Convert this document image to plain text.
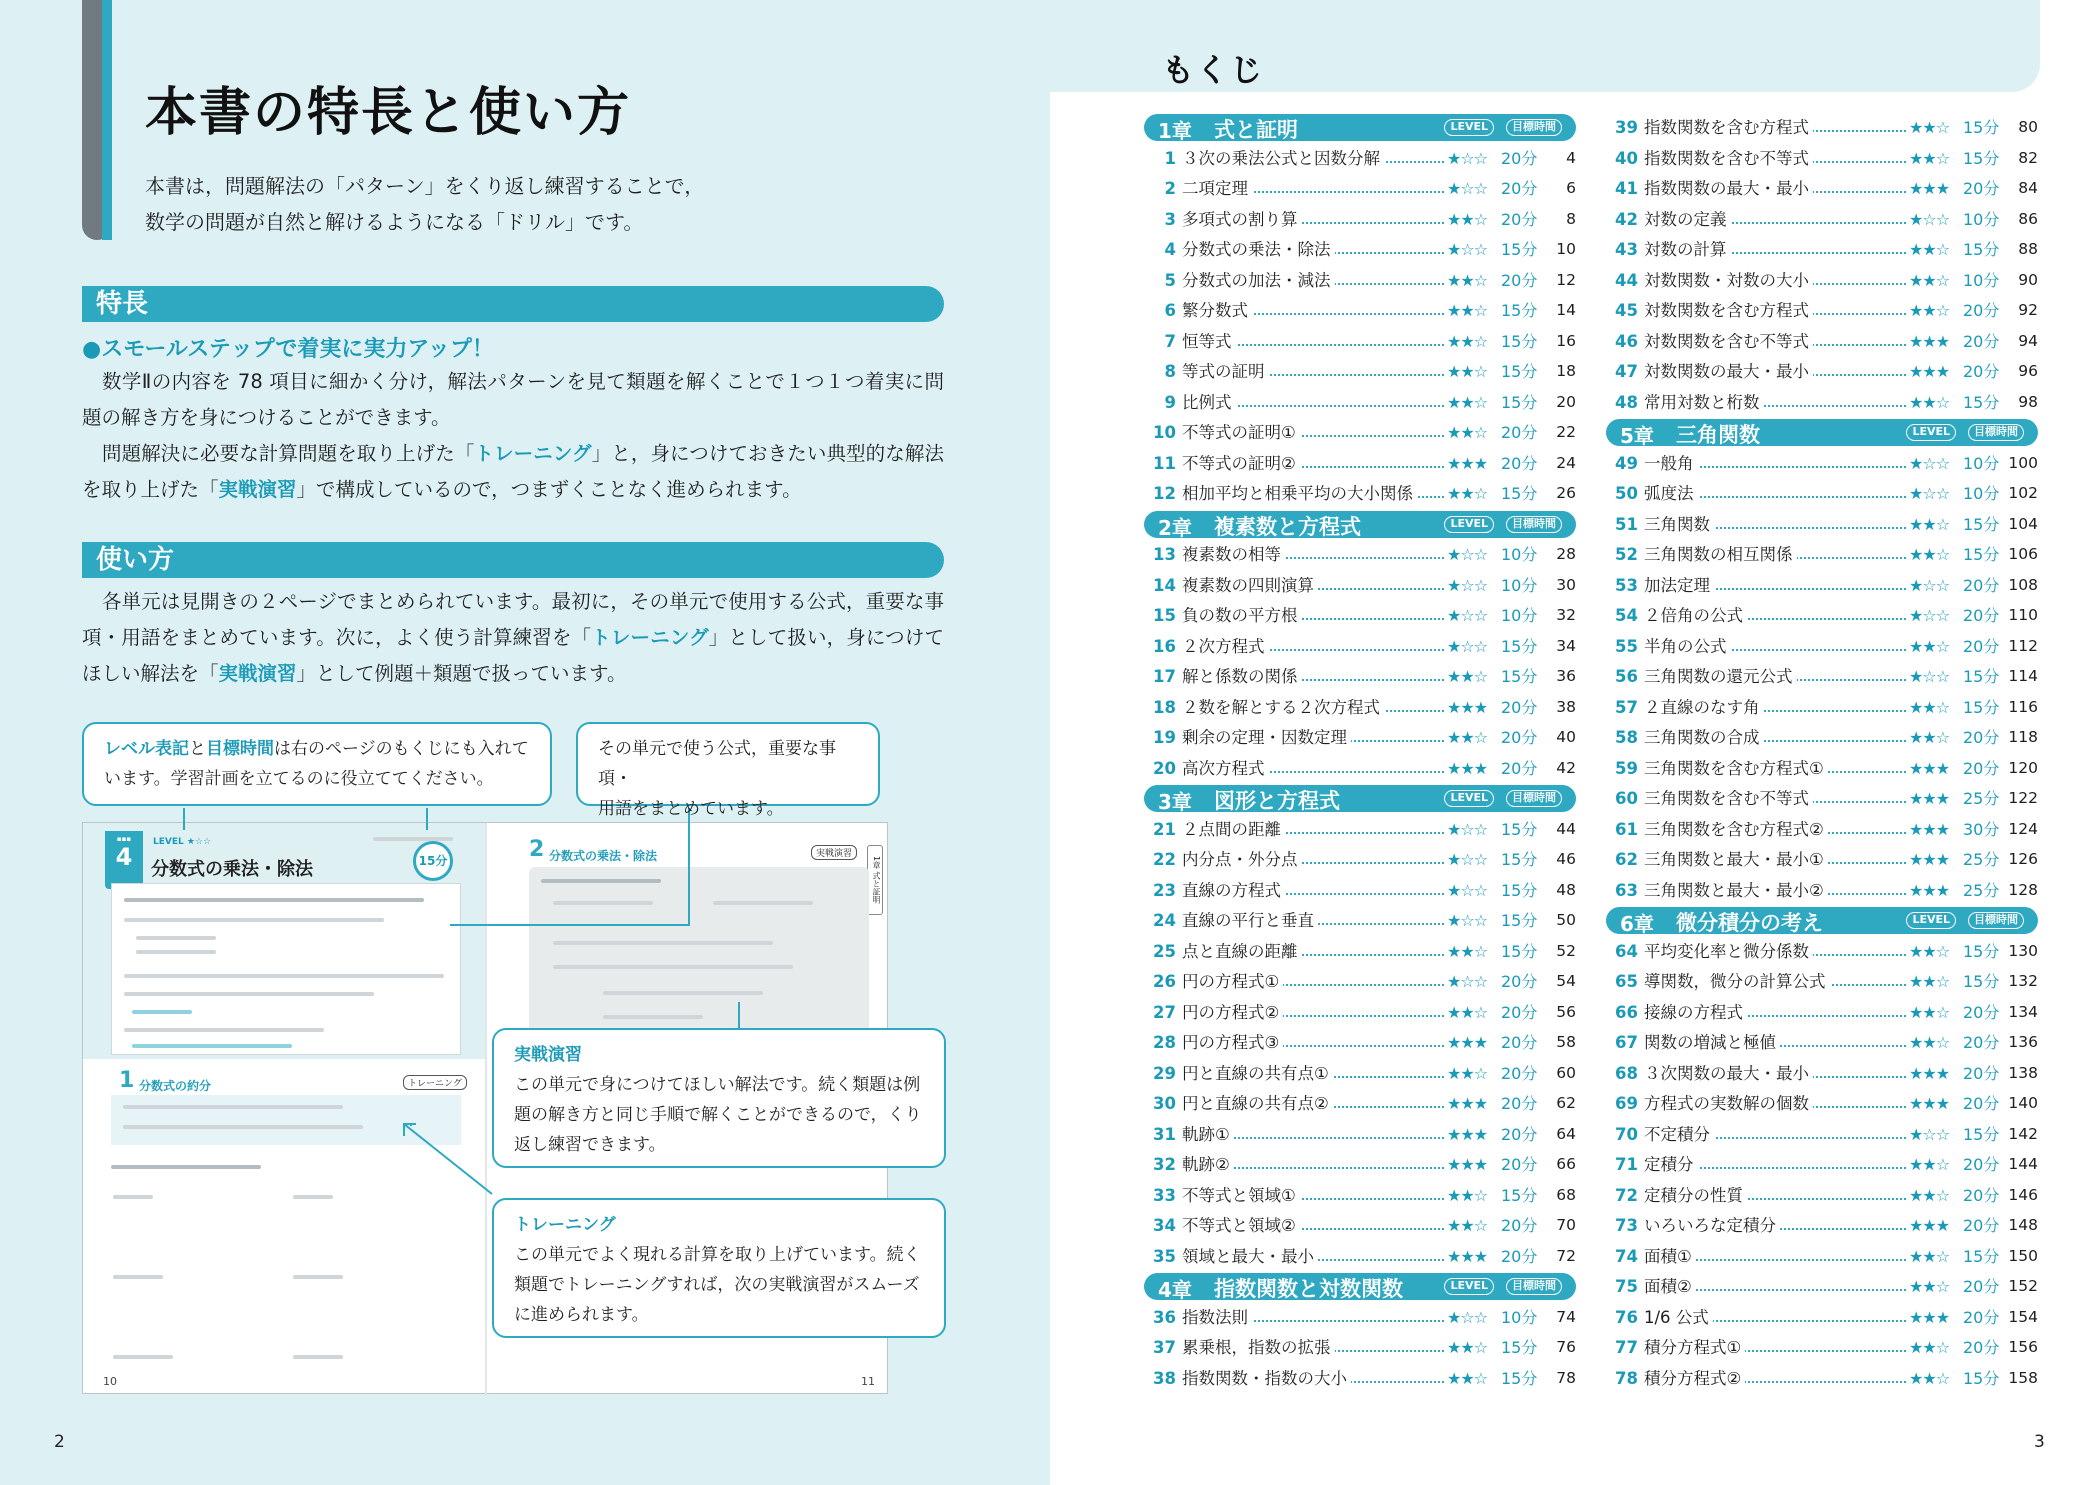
本書の特長と使い方
本書は，問題解法の「パターン」をくり返し練習することで，
数学の問題が自然と解けるようになる「ドリル」です。
特長
●スモールステップで着実に実力アップ！
数学Ⅱの内容を 78 項目に細かく分け，解法パターンを見て類題を解くことで１つ１つ着実に問題の解き方を身につけることができます。
問題解決に必要な計算問題を取り上げた「トレーニング」と，身につけておきたい典型的な解法を取り上げた「実戦演習」で構成しているので，つまずくことなく進められます。
使い方
各単元は見開きの２ページでまとめられています。最初に，その単元で使用する公式，重要な事項・用語をまとめています。次に，よく使う計算練習を「トレーニング」として扱い，身につけてほしい解法を「実戦演習」として例題＋類題で扱っています。
▪▪▪
4
LEVEL ★☆☆
分数式の乗法・除法	15分
1 分数式の約分	トレーニング
10	11
2 分数式の乗法・除法	実戦演習
1章 式と証明
レベル表記と目標時間は右のページのもくじにも入れて
います。学習計画を立てるのに役立ててください。
その単元で使う公式，重要な事項・
用語をまとめています。
実戦演習
この単元で身につけてほしい解法です。続く類題は例
題の解き方と同じ手順で解くことができるので，くり
返し練習できます。
トレーニング
この単元でよく現れる計算を取り上げています。続く
類題でトレーニングすれば，次の実戦演習がスムーズ
に進められます。
2
もくじ
1章 式と証明	LEVEL	目標時間
1 ３次の乗法公式と因数分解	★☆☆ 20分	4
2 二項定理	★☆☆ 20分	6
3 多項式の割り算	★★☆ 20分	8
4 分数式の乗法・除法	★☆☆ 15分	10
5 分数式の加法・減法	★★☆ 20分	12
6 繁分数式	★★☆ 15分	14
7 恒等式	★★☆ 15分	16
8 等式の証明	★★☆ 15分	18
9 比例式	★★☆ 15分	20
10 不等式の証明①	★★☆ 20分	22
11 不等式の証明②	★★★ 20分	24
12 相加平均と相乗平均の大小関係 ★★☆ 15分	26
2章 複素数と方程式	LEVEL	目標時間
13 複素数の相等	★☆☆ 10分	28
14 複素数の四則演算	★☆☆ 10分	30
15 負の数の平方根	★☆☆ 10分	32
16 ２次方程式	★☆☆ 15分	34
17 解と係数の関係	★★☆ 15分	36
18 ２数を解とする２次方程式	★★★ 20分	38
19 剰余の定理・因数定理	★★☆ 20分	40
20 高次方程式	★★★ 20分	42
3章 図形と方程式	LEVEL	目標時間
21 ２点間の距離	★☆☆ 15分	44
22 内分点・外分点	★☆☆ 15分	46
23 直線の方程式	★☆☆ 15分	48
24 直線の平行と垂直	★☆☆ 15分	50
25 点と直線の距離	★★☆ 15分	52
26 円の方程式①	★☆☆ 20分	54
27 円の方程式②	★★☆ 20分	56
28 円の方程式③	★★★ 20分	58
29 円と直線の共有点①	★★☆ 20分	60
30 円と直線の共有点②	★★★ 20分	62
31 軌跡①	★★★ 20分	64
32 軌跡②	★★★ 20分	66
33 不等式と領域①	★★☆ 15分	68
34 不等式と領域②	★★☆ 20分	70
35 領域と最大・最小	★★★ 20分	72
4章 指数関数と対数関数	LEVEL	目標時間
36 指数法則	★☆☆ 10分	74
37 累乗根，指数の拡張	★★☆ 15分	76
38 指数関数・指数の大小	★★☆ 15分	78
39 指数関数を含む方程式	★★☆ 15分	80
40 指数関数を含む不等式	★★☆ 15分	82
41 指数関数の最大・最小	★★★ 20分	84
42 対数の定義	★☆☆ 10分	86
43 対数の計算	★★☆ 15分	88
44 対数関数・対数の大小	★★☆ 10分	90
45 対数関数を含む方程式	★★☆ 20分	92
46 対数関数を含む不等式	★★★ 20分	94
47 対数関数の最大・最小	★★★ 20分	96
48 常用対数と桁数	★★☆ 15分	98
5章 三角関数	LEVEL	目標時間
49 一般角	★☆☆ 10分 100
50 弧度法	★☆☆ 10分 102
51 三角関数	★★☆ 15分 104
52 三角関数の相互関係	★★☆ 15分 106
53 加法定理	★☆☆ 20分 108
54 ２倍角の公式	★☆☆ 20分 110
55 半角の公式	★★☆ 20分 112
56 三角関数の還元公式	★☆☆ 15分 114
57 ２直線のなす角	★★☆ 15分 116
58 三角関数の合成	★★☆ 20分 118
59 三角関数を含む方程式①	★★★ 20分 120
60 三角関数を含む不等式	★★★ 25分 122
61 三角関数を含む方程式②	★★★ 30分 124
62 三角関数と最大・最小①	★★★ 25分 126
63 三角関数と最大・最小②	★★★ 25分 128
6章 微分積分の考え	LEVEL	目標時間
64 平均変化率と微分係数	★★☆ 15分 130
65 導関数，微分の計算公式	★★☆ 15分 132
66 接線の方程式	★★☆ 20分 134
67 関数の増減と極値	★★☆ 20分 136
68 ３次関数の最大・最小	★★★ 20分 138
69 方程式の実数解の個数	★★★ 20分 140
70 不定積分	★☆☆ 15分 142
71 定積分	★★☆ 20分 144
72 定積分の性質	★★☆ 20分 146
73 いろいろな定積分	★★★ 20分 148
74 面積①	★★☆ 15分 150
75 面積②	★★☆ 20分 152
76 1/6 公式	★★★ 20分 154
77 積分方程式①	★★☆ 20分 156
78 積分方程式②	★★☆ 15分 158
3
